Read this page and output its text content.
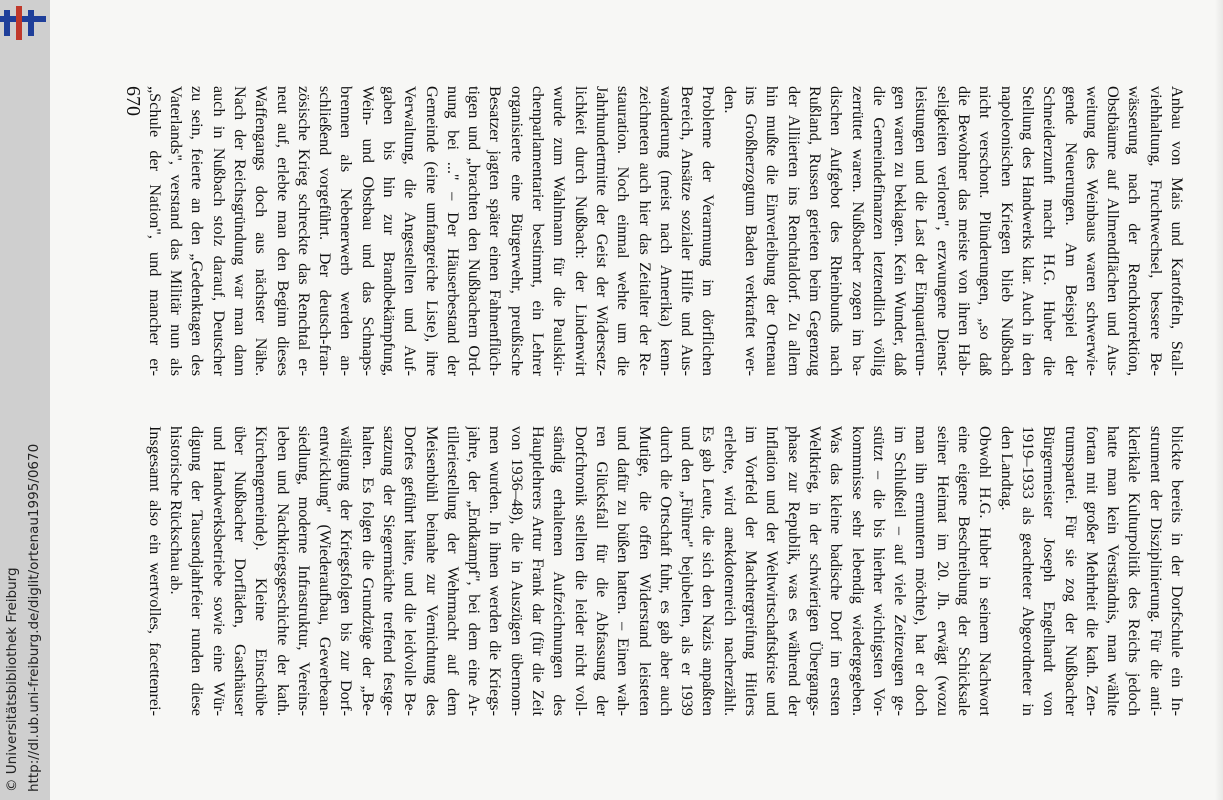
http://dl.ub.uni-freiburg.de/diglit/ortenau1995/0670
© Universitätsbibliothek Freiburg
670	Anbau von Mais und Kartoffeln, Stall-
viehhaltung, Fruchtwechsel, bessere Be-
wässerung nach der Renchkorrektion,
Obstbäume auf Allmendflächen und Aus-
weitung des Weinbaus waren schwerwie-
gende Neuerungen. Am Beispiel der
Schneiderzunft macht H.G. Huber die
Stellung des Handwerks klar. Auch in den
napoleonischen Kriegen blieb Nußbach
nicht verschont. Plünderungen, „so daß
die Bewohner das meiste von ihren Hab-
seligkeiten verloren", erzwungene Dienst-
leistungen und die Last der Einquartierun-
gen waren zu beklagen. Kein Wunder, daß
die Gemeindefinanzen letztendlich völlig
zerrüttet waren. Nußbacher zogen im ba-
dischen Aufgebot des Rheinbunds nach
Rußland, Russen gerieten beim Gegenzug
der Alliierten ins Renchtaldorf. Zu allem
hin mußte die Einverleibung der Ortenau
ins Großherzogtum Baden verkraftet wer-
den.
Probleme der Verarmung im dörflichen
Bereich, Ansätze sozialer Hilfe und Aus-
wanderung (meist nach Amerika) kenn-
zeichneten auch hier das Zeitalter der Re-
stauration. Noch einmal wehte um die
Jahrhundertmitte der Geist der Widersetz-
lichkeit durch Nußbach: der Lindenwirt
wurde zum Wahlmann für die Paulskir-
chenparlamentarier bestimmt, ein Lehrer
organisierte eine Bürgerwehr, preußische
Besatzer jagten später einen Fahnenflüch-
tigen und „brachten den Nußbachern Ord-
nung bei ..." – Der Häuserbestand der
Gemeinde (eine umfangreiche Liste), ihre
Verwaltung, die Angestellten und Auf-
gaben bis hin zur Brandbekämpfung,
Wein- und Obstbau und das Schnaps-
brennen als Nebenerwerb werden an-
schließend vorgeführt. Der deutsch-fran-
zösische Krieg schreckte das Renchtal er-
neut auf, erlebte man den Beginn dieses
Waffengangs doch aus nächster Nähe.
Nach der Reichsgründung war man dann
auch in Nußbach stolz darauf, Deutscher
zu sein, feierte an den „Gedenktagen des
Vaterlands", verstand das Militär nun als
„Schule der Nation", und mancher er-
blickte bereits in der Dorfschule ein In-
strument der Disziplinierung. Für die anti-
klerikale Kulturpolitik des Reichs jedoch
hatte man kein Verständnis, man wählte
fortan mit großer Mehrheit die kath. Zen-
trumspartei. Für sie zog der Nußbacher
Bürgermeister Joseph Engelhardt von
1919–1933 als geachteter Abgeordneter in
den Landtag.
Obwohl H.G. Huber in seinem Nachwort
eine eigene Beschreibung der Schicksale
seiner Heimat im 20. Jh. erwägt (wozu
man ihn ermuntern möchte), hat er doch
im Schlußteil – auf viele Zeitzeugen ge-
stützt – die bis hierher wichtigsten Vor-
kommnisse sehr lebendig wiedergegeben.
Was das kleine badische Dorf im ersten
Weltkrieg, in der schwierigen Übergangs-
phase zur Republik, was es während der
Inflation und der Weltwirtschaftskrise und
im Vorfeld der Machtergreifung Hitlers
erlebte, wird anekdotenreich nacherzählt.
Es gab Leute, die sich den Nazis anpaßten
und den „Führer" bejubelten, als er 1939
durch die Ortschaft fuhr, es gab aber auch
Mutige, die offen Widerstand leisteten
und dafür zu büßen hatten. – Einen wah-
ren Glücksfall für die Abfassung der
Dorfchronik stellten die leider nicht voll-
ständig erhaltenen Aufzeichnungen des
Hauptlehrers Artur Frank dar (für die Zeit
von 1936–48), die in Auszügen übernom-
men wurden. In ihnen werden die Kriegs-
jahre, der „Endkampf", bei dem eine Ar-
tilleriestellung der Wehrmacht auf dem
Meisenbühl beinahe zur Vernichtung des
Dorfes geführt hätte, und die leidvolle Be-
satzung der Siegermächte treffend festge-
halten. Es folgen die Grundzüge der „Be-
wältigung der Kriegsfolgen bis zur Dorf-
entwicklung" (Wiederaufbau, Gewerbean-
siedlung, moderne Infrastruktur, Vereins-
leben und Nachkriegsgeschichte der kath.
Kirchengemeinde). Kleine Einschübe
über Nußbacher Dorfläden, Gasthäuser
und Handwerksbetriebe sowie eine Wür-
digung der Tausendjahrfeier runden diese
historische Rückschau ab.
Insgesamt also ein wertvolles, facettenrei-
